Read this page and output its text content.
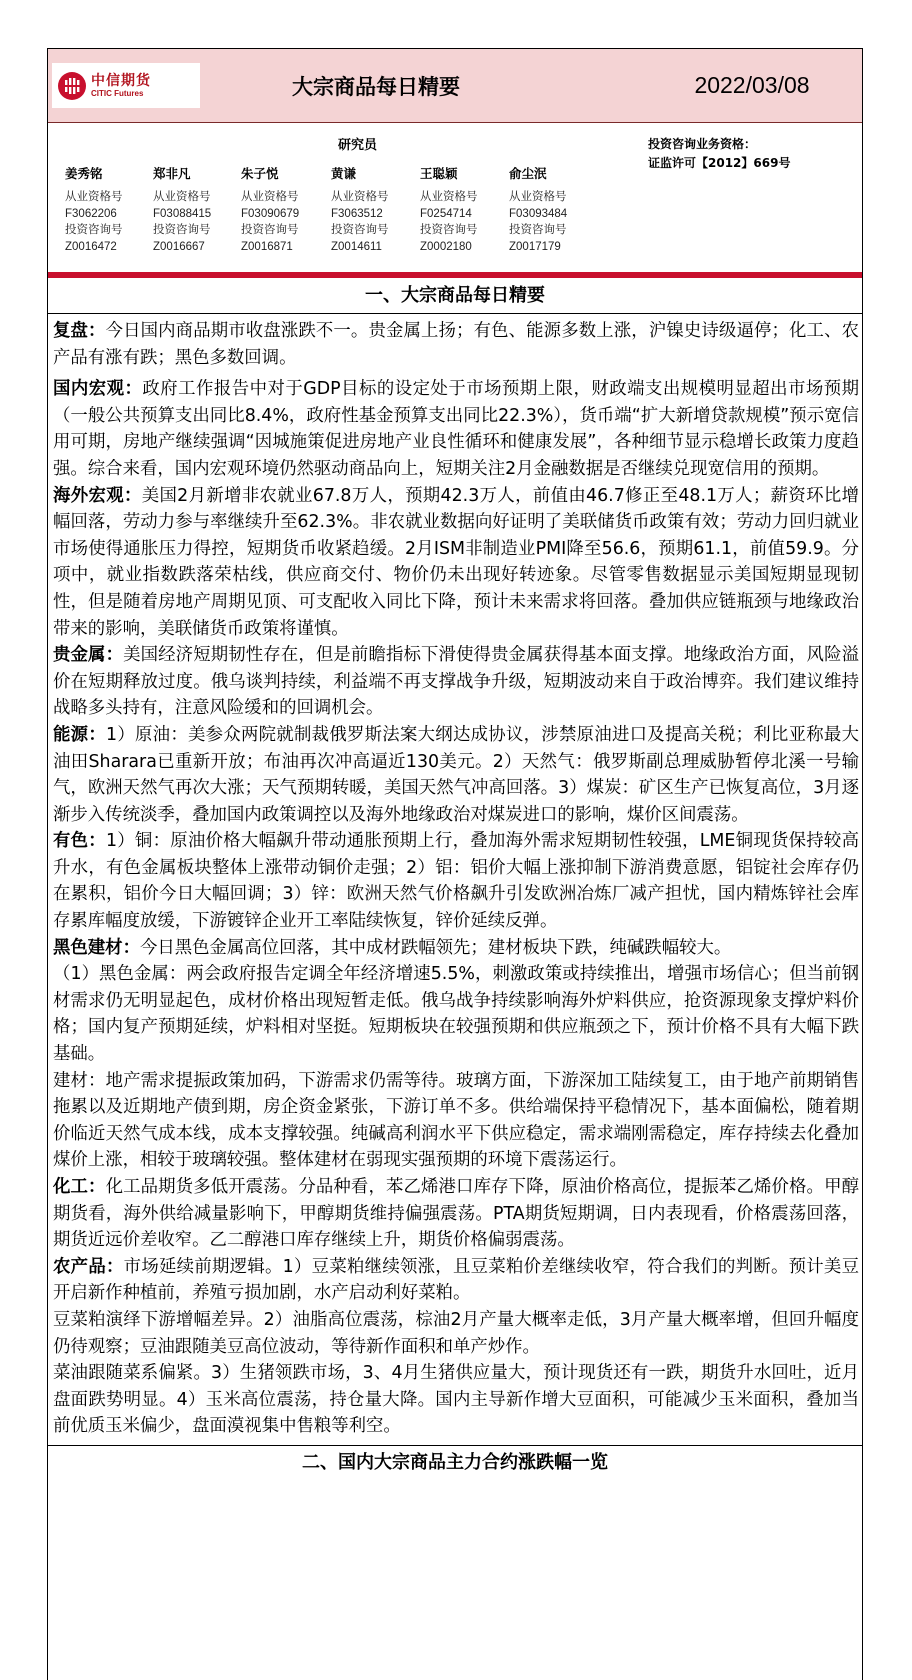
中信期货
CITIC Futures	大宗商品每日精要	2022/03/08
研究员
姜秀铭
从业资格号
F3062206
投资咨询号
Z0016472
郑非凡
从业资格号
F03088415
投资咨询号
Z0016667
朱子悦
从业资格号
F03090679
投资咨询号
Z0016871
黄谦
从业资格号
F3063512
投资咨询号
Z0014611
王聪颖
从业资格号
F0254714
投资咨询号
Z0002180
俞尘泯
从业资格号
F03093484
投资咨询号
Z0017179
投资咨询业务资格：
证监许可【2012】669号
一、大宗商品每日精要

复盘：今日国内商品期市收盘涨跌不一。贵金属上扬；有色、能源多数上涨，沪镍史诗级逼停；化工、农产品有涨有跌；黑色多数回调。

国内宏观：政府工作报告中对于GDP目标的设定处于市场预期上限，财政端支出规模明显超出市场预期（一般公共预算支出同比8.4%，政府性基金预算支出同比22.3%），货币端“扩大新增贷款规模”预示宽信用可期，房地产继续强调“因城施策促进房地产业良性循环和健康发展”，各种细节显示稳增长政策力度趋强。综合来看，国内宏观环境仍然驱动商品向上，短期关注2月金融数据是否继续兑现宽信用的预期。

海外宏观：美国2月新增非农就业67.8万人，预期42.3万人，前值由46.7修正至48.1万人；薪资环比增幅回落，劳动力参与率继续升至62.3%。非农就业数据向好证明了美联储货币政策有效；劳动力回归就业市场使得通胀压力得控，短期货币收紧趋缓。2月ISM非制造业PMI降至56.6，预期61.1，前值59.9。分项中，就业指数跌落荣枯线，供应商交付、物价仍未出现好转迹象。尽管零售数据显示美国短期显现韧性，但是随着房地产周期见顶、可支配收入同比下降，预计未来需求将回落。叠加供应链瓶颈与地缘政治带来的影响，美联储货币政策将谨慎。

贵金属：美国经济短期韧性存在，但是前瞻指标下滑使得贵金属获得基本面支撑。地缘政治方面，风险溢价在短期释放过度。俄乌谈判持续，利益端不再支撑战争升级，短期波动来自于政治博弈。我们建议维持战略多头持有，注意风险缓和的回调机会。

能源：1）原油：美参众两院就制裁俄罗斯法案大纲达成协议，涉禁原油进口及提高关税；利比亚称最大油田Sharara已重新开放；布油再次冲高逼近130美元。2）天然气：俄罗斯副总理威胁暂停北溪一号输气，欧洲天然气再次大涨；天气预期转暖，美国天然气冲高回落。3）煤炭：矿区生产已恢复高位，3月逐渐步入传统淡季，叠加国内政策调控以及海外地缘政治对煤炭进口的影响，煤价区间震荡。

有色：1）铜：原油价格大幅飙升带动通胀预期上行，叠加海外需求短期韧性较强，LME铜现货保持较高升水，有色金属板块整体上涨带动铜价走强；2）铝：铝价大幅上涨抑制下游消费意愿，铝锭社会库存仍在累积，铝价今日大幅回调；3）锌：欧洲天然气价格飙升引发欧洲冶炼厂减产担忧，国内精炼锌社会库存累库幅度放缓，下游镀锌企业开工率陆续恢复，锌价延续反弹。

黑色建材：今日黑色金属高位回落，其中成材跌幅领先；建材板块下跌，纯碱跌幅较大。

（1）黑色金属：两会政府报告定调全年经济增速5.5%，刺激政策或持续推出，增强市场信心；但当前钢材需求仍无明显起色，成材价格出现短暂走低。俄乌战争持续影响海外炉料供应，抢资源现象支撑炉料价格；国内复产预期延续，炉料相对坚挺。短期板块在较强预期和供应瓶颈之下，预计价格不具有大幅下跌基础。

建材：地产需求提振政策加码，下游需求仍需等待。玻璃方面，下游深加工陆续复工，由于地产前期销售拖累以及近期地产债到期，房企资金紧张，下游订单不多。供给端保持平稳情况下，基本面偏松，随着期价临近天然气成本线，成本支撑较强。纯碱高利润水平下供应稳定，需求端刚需稳定，库存持续去化叠加煤价上涨，相较于玻璃较强。整体建材在弱现实强预期的环境下震荡运行。

化工：化工品期货多低开震荡。分品种看，苯乙烯港口库存下降，原油价格高位，提振苯乙烯价格。甲醇期货看，海外供给减量影响下，甲醇期货维持偏强震荡。PTA期货短期调，日内表现看，价格震荡回落，期货近远价差收窄。乙二醇港口库存继续上升，期货价格偏弱震荡。

农产品：市场延续前期逻辑。1）豆菜粕继续领涨，且豆菜粕价差继续收窄，符合我们的判断。预计美豆开启新作种植前，养殖亏损加剧，水产启动利好菜粕。

豆菜粕演绎下游增幅差异。2）油脂高位震荡，棕油2月产量大概率走低，3月产量大概率增，但回升幅度仍待观察；豆油跟随美豆高位波动，等待新作面积和单产炒作。

菜油跟随菜系偏紧。3）生猪领跌市场，3、4月生猪供应量大，预计现货还有一跌，期货升水回吐，近月盘面跌势明显。4）玉米高位震荡，持仓量大降。国内主导新作增大豆面积，可能减少玉米面积，叠加当前优质玉米偏少，盘面漠视集中售粮等利空。

二、国内大宗商品主力合约涨跌幅一览
